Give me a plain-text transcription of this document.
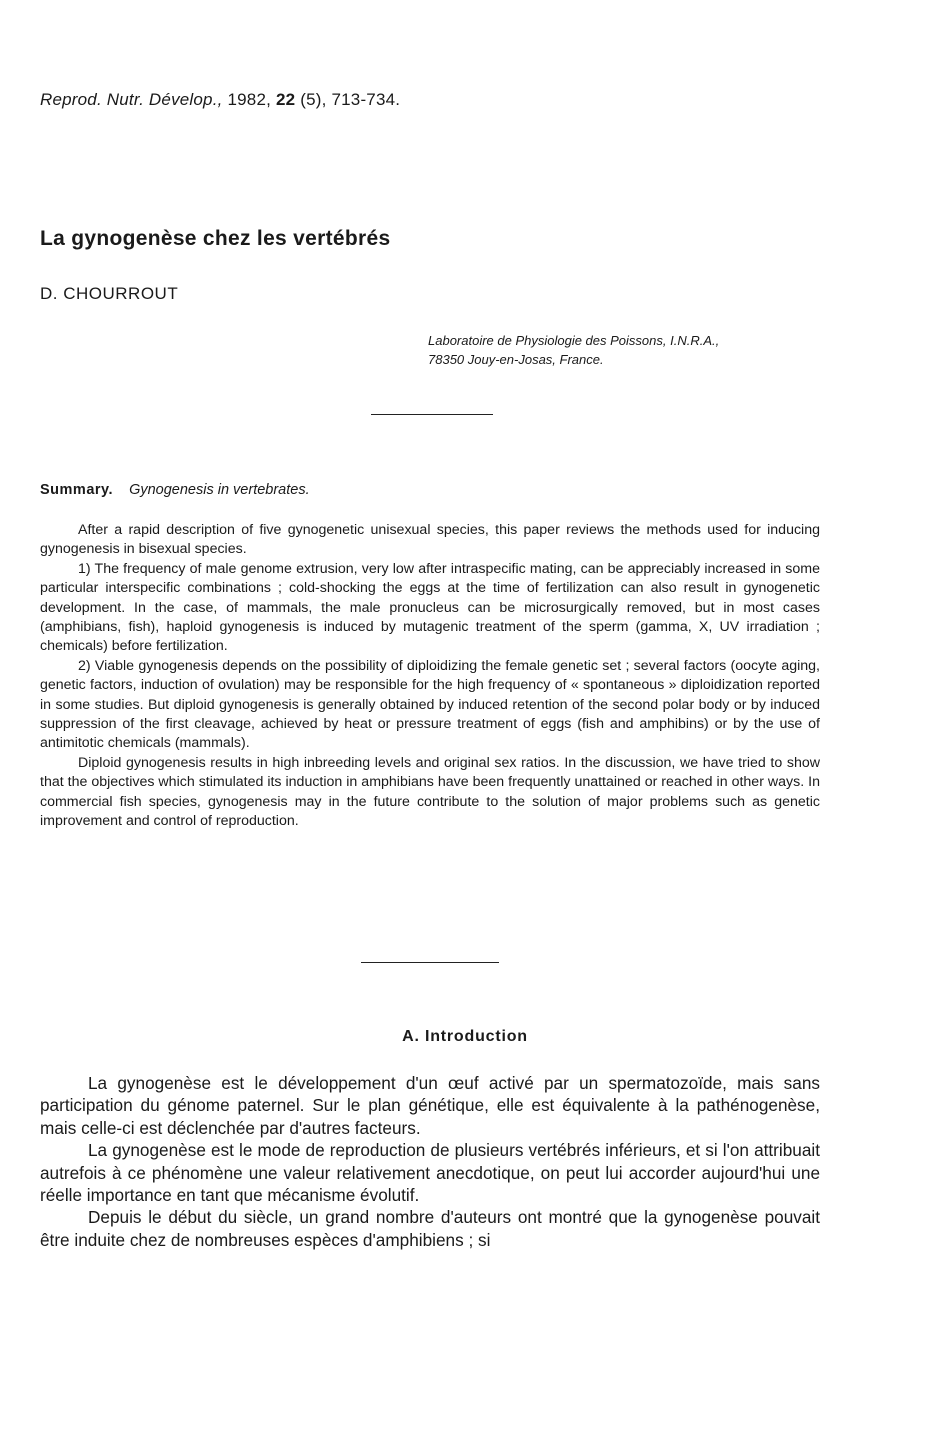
Reprod. Nutr. Dévelop., 1982, 22 (5), 713-734.
La gynogenèse chez les vertébrés
D. CHOURROUT
Laboratoire de Physiologie des Poissons, I.N.R.A.,
78350 Jouy-en-Josas, France.
Summary. Gynogenesis in vertebrates.

After a rapid description of five gynogenetic unisexual species, this paper reviews the methods used for inducing gynogenesis in bisexual species.

1) The frequency of male genome extrusion, very low after intraspecific mating, can be appreciably increased in some particular interspecific combinations ; cold-shocking the eggs at the time of fertilization can also result in gynogenetic development. In the case, of mammals, the male pronucleus can be microsurgically removed, but in most cases (amphibians, fish), haploid gynogenesis is induced by mutagenic treatment of the sperm (gamma, X, UV irradiation ; chemicals) before fertilization.

2) Viable gynogenesis depends on the possibility of diploidizing the female genetic set ; several factors (oocyte aging, genetic factors, induction of ovulation) may be responsible for the high frequency of « spontaneous » diploidization reported in some studies. But diploid gynogenesis is generally obtained by induced retention of the second polar body or by induced suppression of the first cleavage, achieved by heat or pressure treatment of eggs (fish and amphibins) or by the use of antimitotic chemicals (mammals).

Diploid gynogenesis results in high inbreeding levels and original sex ratios. In the discussion, we have tried to show that the objectives which stimulated its induction in amphibians have been frequently unattained or reached in other ways. In commercial fish species, gynogenesis may in the future contribute to the solution of major problems such as genetic improvement and control of reproduction.

A. Introduction

La gynogenèse est le développement d'un œuf activé par un spermatozoïde, mais sans participation du génome paternel. Sur le plan génétique, elle est équivalente à la pathénogenèse, mais celle-ci est déclenchée par d'autres facteurs.

La gynogenèse est le mode de reproduction de plusieurs vertébrés inférieurs, et si l'on attribuait autrefois à ce phénomène une valeur relativement anecdotique, on peut lui accorder aujourd'hui une réelle importance en tant que mécanisme évolutif.

Depuis le début du siècle, un grand nombre d'auteurs ont montré que la gynogenèse pouvait être induite chez de nombreuses espèces d'amphibiens ; si
